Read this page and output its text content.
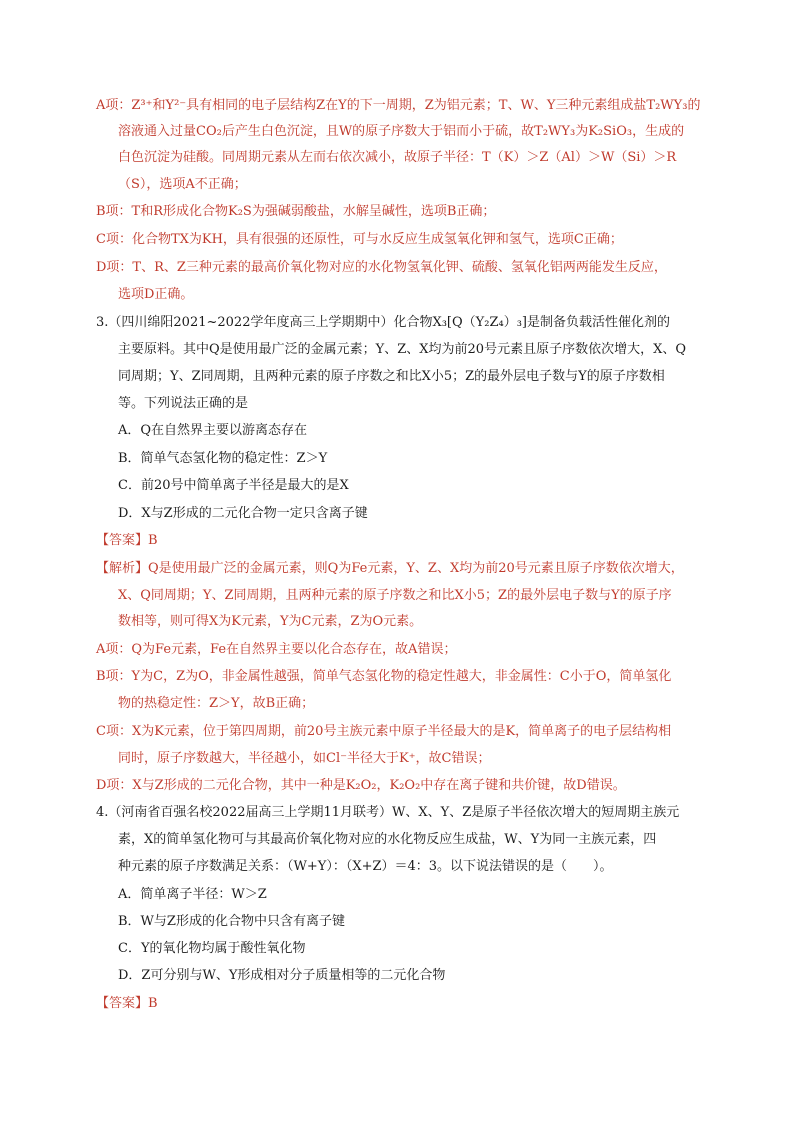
A项：Z³⁺和Y²⁻具有相同的电子层结构Z在Y的下一周期，Z为铝元素；T、W、Y三种元素组成盐T₂WY₃的
溶液通入过量CO₂后产生白色沉淀，且W的原子序数大于铝而小于硫，故T₂WY₃为K₂SiO₃，生成的
白色沉淀为硅酸。同周期元素从左而右依次减小，故原子半径：T（K）＞Z（Al）＞W（Si）＞R
（S），选项A不正确；
B项：T和R形成化合物K₂S为强碱弱酸盐，水解呈碱性，选项B正确；
C项：化合物TX为KH，具有很强的还原性，可与水反应生成氢氧化钾和氢气，选项C正确；
D项：T、R、Z三种元素的最高价氧化物对应的水化物氢氧化钾、硫酸、氢氧化铝两两能发生反应，
选项D正确。
3.（四川绵阳2021~2022学年度高三上学期期中）化合物X₃[Q（Y₂Z₄）₃]是制备负载活性催化剂的
主要原料。其中Q是使用最广泛的金属元素；Y、Z、X均为前20号元素且原子序数依次增大，X、Q
同周期；Y、Z同周期，且两种元素的原子序数之和比X小5；Z的最外层电子数与Y的原子序数相
等。下列说法正确的是
A．Q在自然界主要以游离态存在
B．简单气态氢化物的稳定性：Z＞Y
C．前20号中简单离子半径是最大的是X
D．X与Z形成的二元化合物一定只含离子键
【答案】B
【解析】Q是使用最广泛的金属元素，则Q为Fe元素，Y、Z、X均为前20号元素且原子序数依次增大，
X、Q同周期；Y、Z同周期，且两种元素的原子序数之和比X小5；Z的最外层电子数与Y的原子序
数相等，则可得X为K元素，Y为C元素，Z为O元素。
A项：Q为Fe元素，Fe在自然界主要以化合态存在，故A错误；
B项：Y为C，Z为O，非金属性越强，简单气态氢化物的稳定性越大，非金属性：C小于O，简单氢化
物的热稳定性：Z＞Y，故B正确；
C项：X为K元素，位于第四周期，前20号主族元素中原子半径最大的是K，简单离子的电子层结构相
同时，原子序数越大，半径越小，如Cl⁻半径大于K⁺，故C错误；
D项：X与Z形成的二元化合物，其中一种是K₂O₂，K₂O₂中存在离子键和共价键，故D错误。
4.（河南省百强名校2022届高三上学期11月联考）W、X、Y、Z是原子半径依次增大的短周期主族元
素，X的简单氢化物可与其最高价氧化物对应的水化物反应生成盐，W、Y为同一主族元素，四
种元素的原子序数满足关系：（W+Y）：（X+Z）＝4：3。以下说法错误的是（　　）。
A．简单离子半径：W＞Z
B．W与Z形成的化合物中只含有离子键
C．Y的氧化物均属于酸性氧化物
D．Z可分别与W、Y形成相对分子质量相等的二元化合物
【答案】B
